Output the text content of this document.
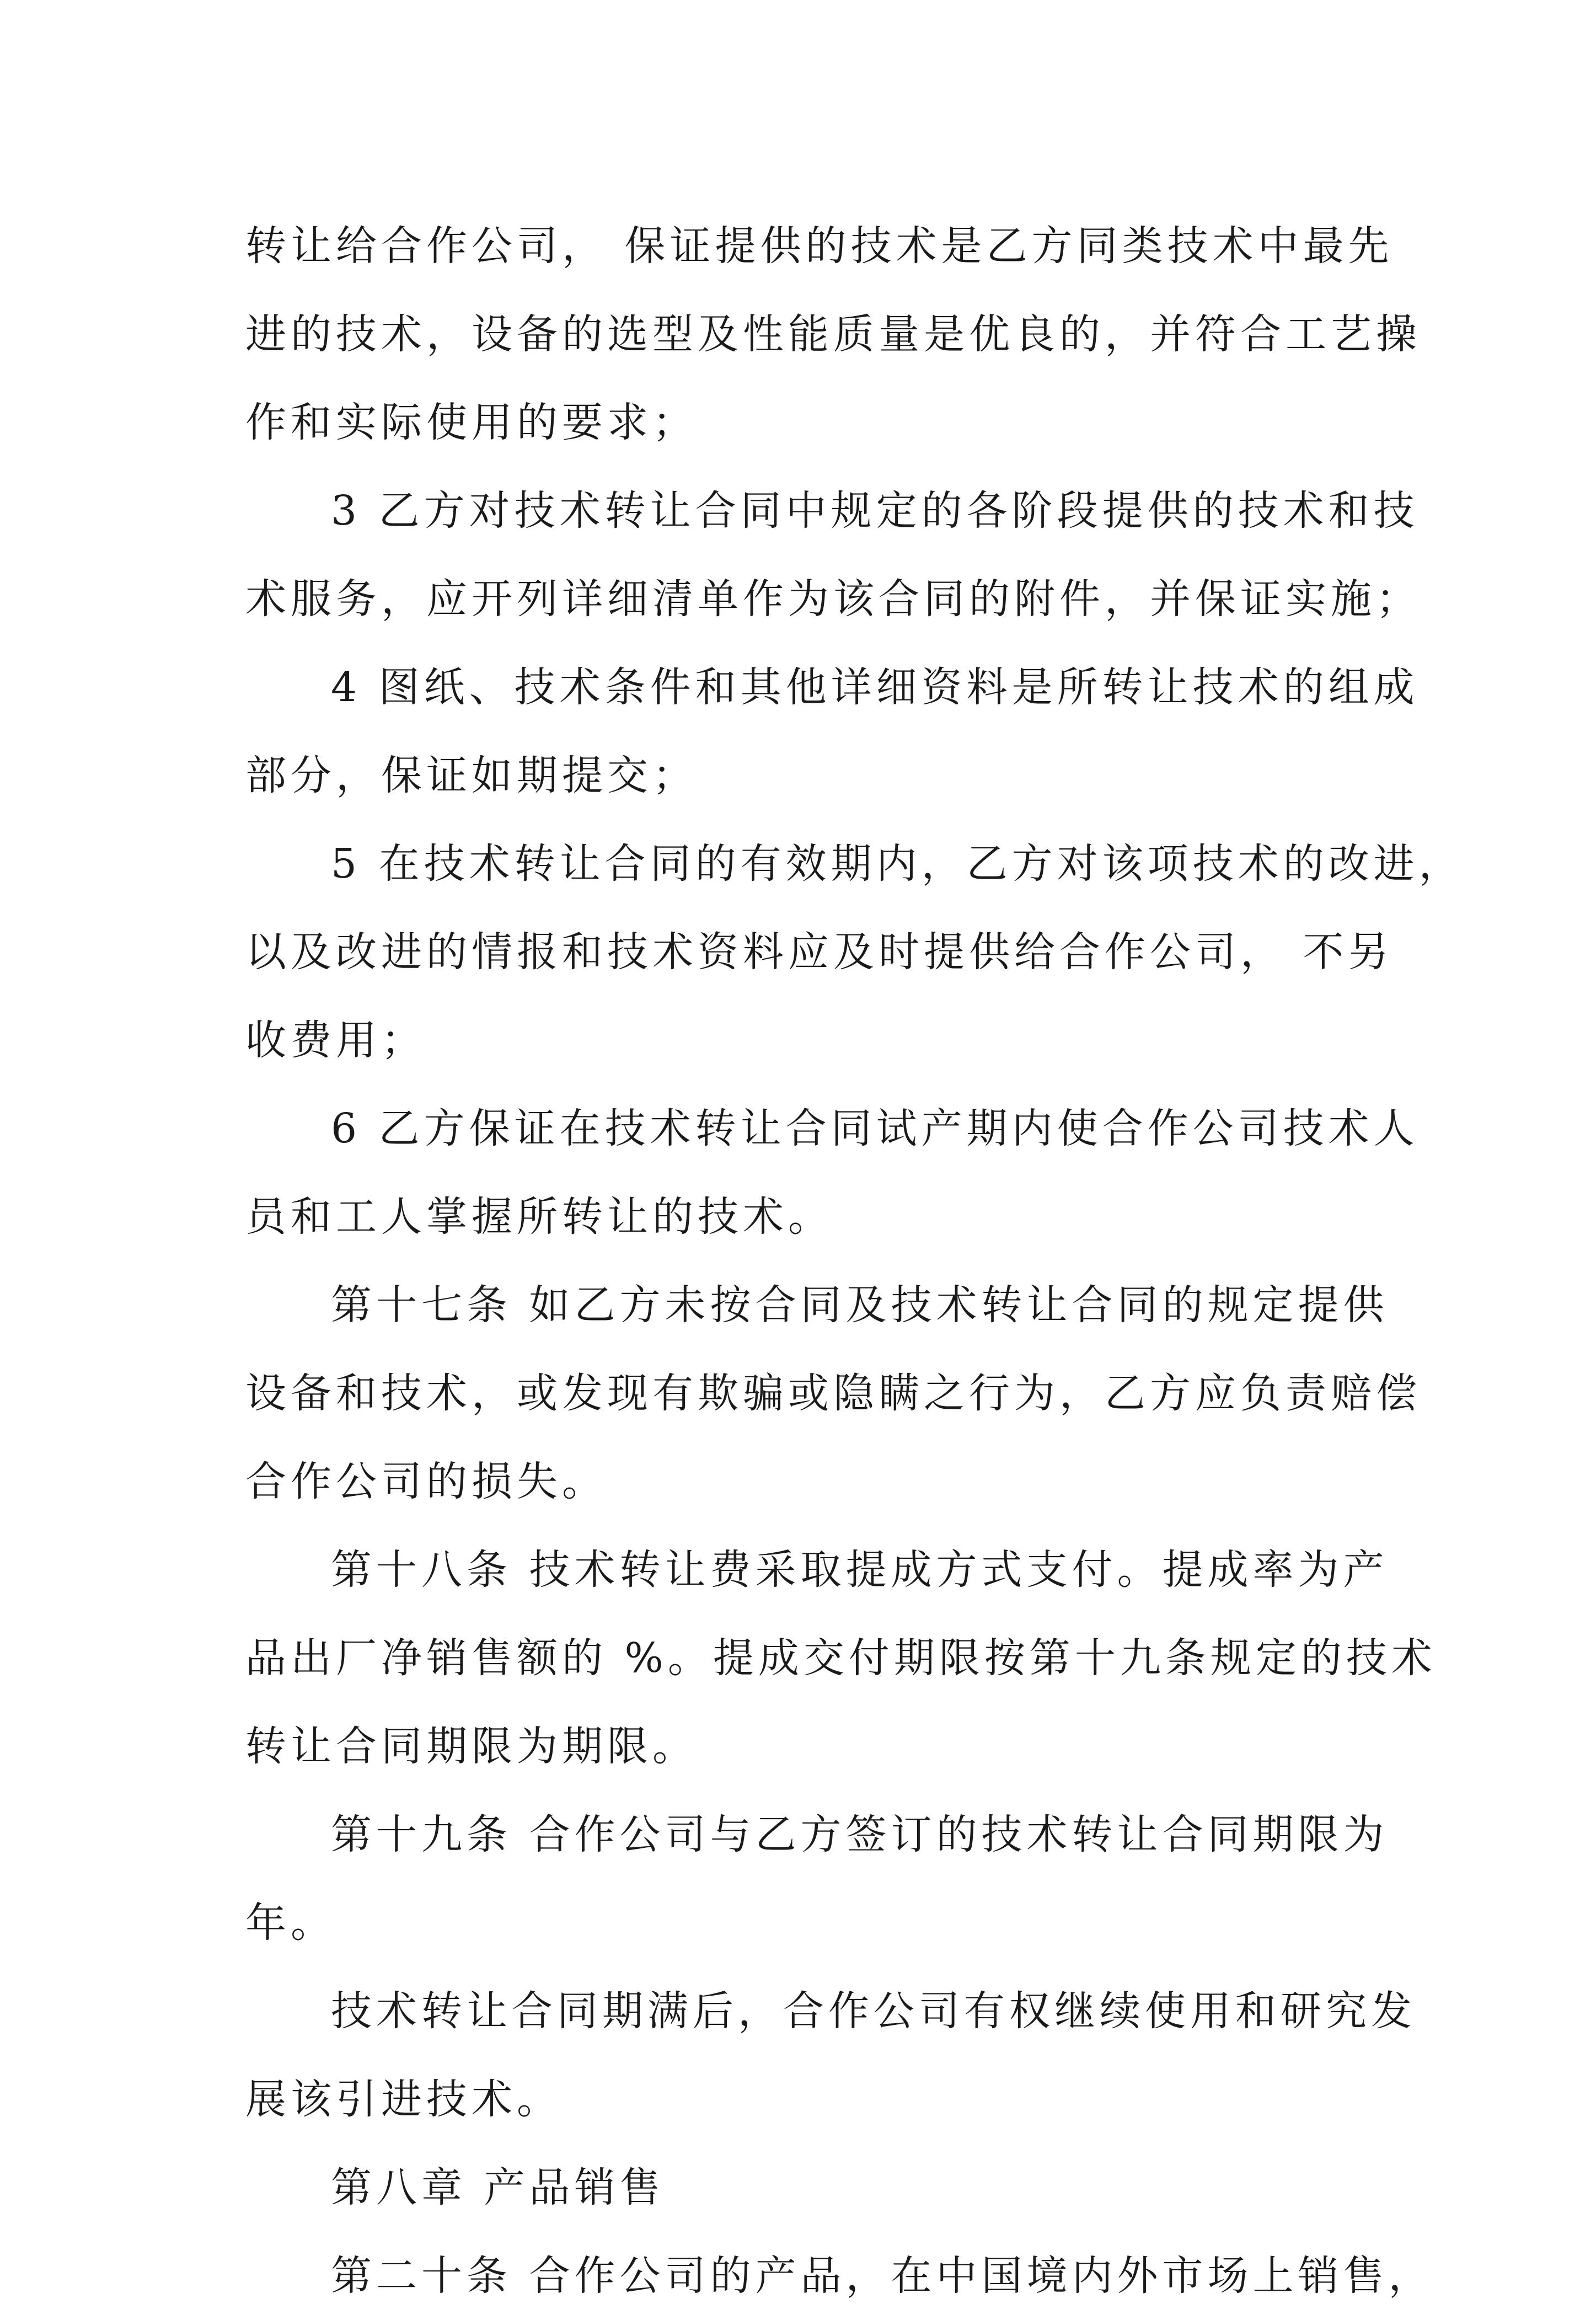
转让给合作公司， 保证提供的技术是乙方同类技术中最先
进的技术，设备的选型及性能质量是优良的，并符合工艺操
作和实际使用的要求；
3 乙方对技术转让合同中规定的各阶段提供的技术和技
术服务，应开列详细清单作为该合同的附件，并保证实施；
4 图纸、技术条件和其他详细资料是所转让技术的组成
部分，保证如期提交；
5 在技术转让合同的有效期内，乙方对该项技术的改进，
以及改进的情报和技术资料应及时提供给合作公司， 不另
收费用；
6 乙方保证在技术转让合同试产期内使合作公司技术人
员和工人掌握所转让的技术。
第十七条 如乙方未按合同及技术转让合同的规定提供
设备和技术，或发现有欺骗或隐瞒之行为，乙方应负责赔偿
合作公司的损失。
第十八条 技术转让费采取提成方式支付。提成率为产
品出厂净销售额的 %。提成交付期限按第十九条规定的技术
转让合同期限为期限。
第十九条 合作公司与乙方签订的技术转让合同期限为
年。
技术转让合同期满后，合作公司有权继续使用和研究发
展该引进技术。
第八章 产品销售
第二十条 合作公司的产品，在中国境内外市场上销售，
